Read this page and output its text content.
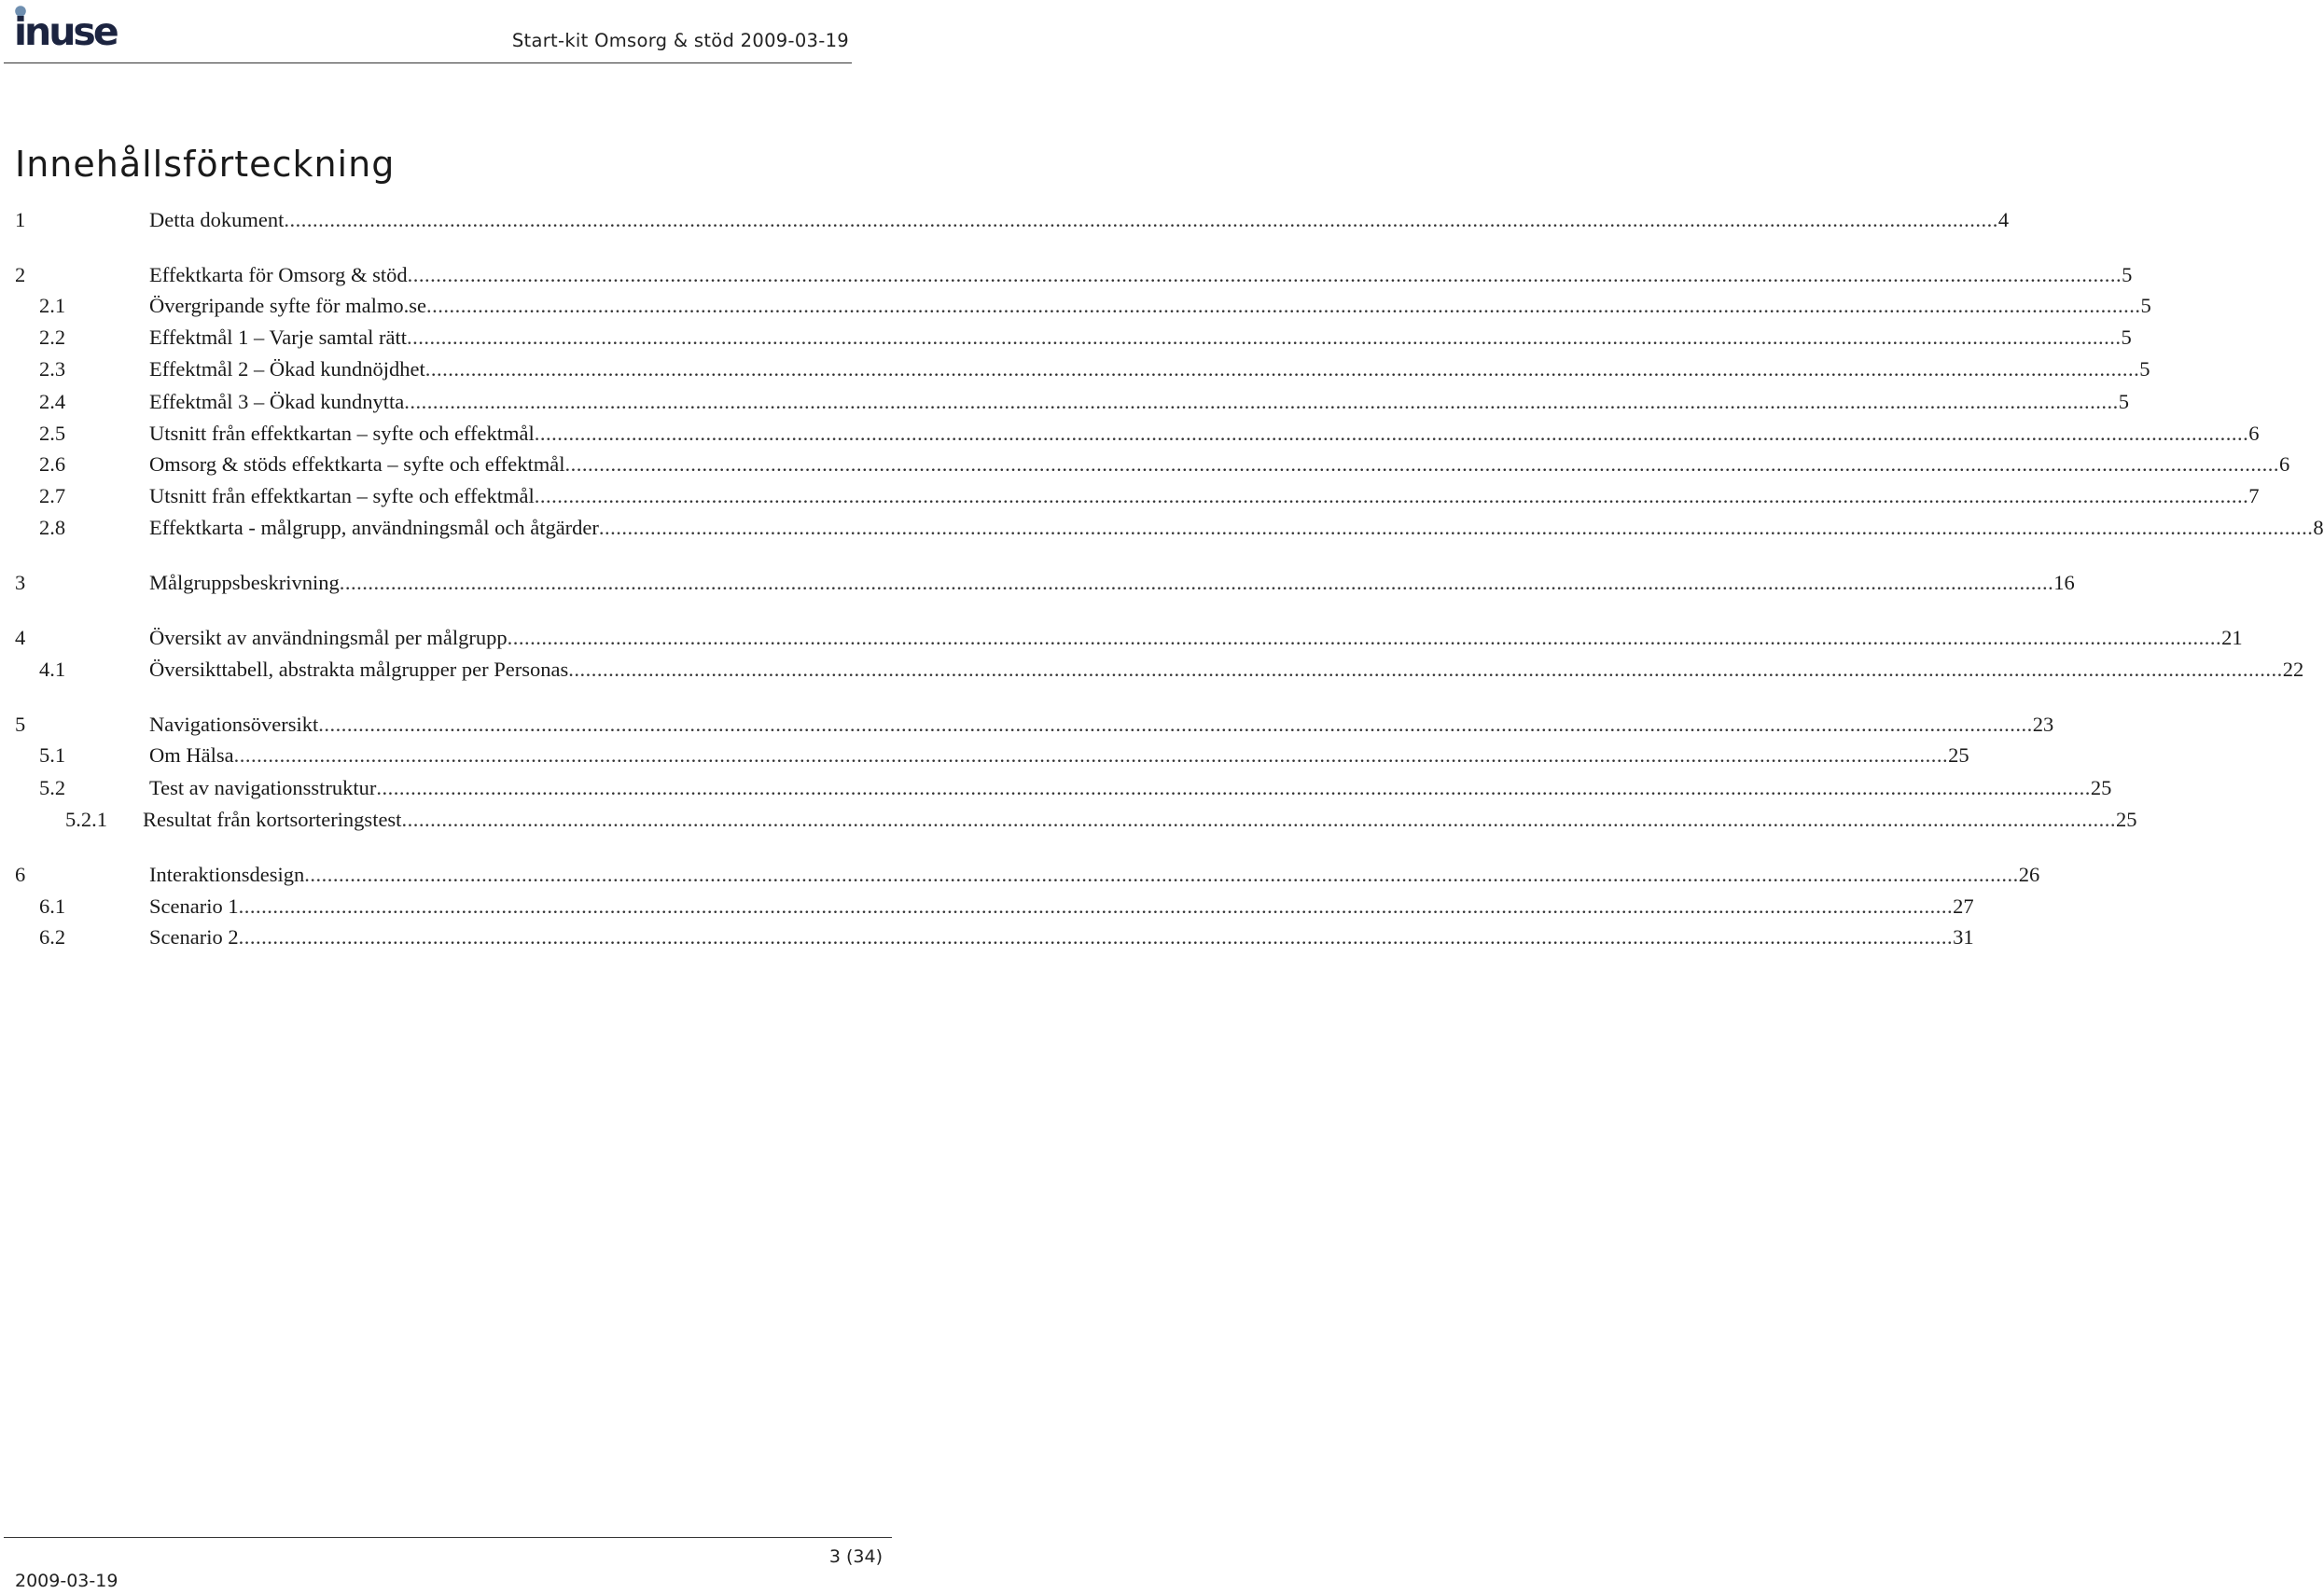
inuse	Start-kit Omsorg & stöd 2009-03-19
Innehållsförteckning
1	Detta dokument ............................................................................................................................................................................................................................................................................................................ 4
2	Effektkarta för Omsorg & stöd ............................................................................................................................................................................................................................................................................................................ 5
2.1	Övergripande syfte för malmo.se ............................................................................................................................................................................................................................................................................................................ 5
2.2	Effektmål 1 – Varje samtal rätt ............................................................................................................................................................................................................................................................................................................ 5
2.3	Effektmål 2 – Ökad kundnöjdhet ............................................................................................................................................................................................................................................................................................................ 5
2.4	Effektmål 3 – Ökad kundnytta ............................................................................................................................................................................................................................................................................................................ 5
2.5	Utsnitt från effektkartan – syfte och effektmål ............................................................................................................................................................................................................................................................................................................ 6
2.6	Omsorg & stöds effektkarta – syfte och effektmål ............................................................................................................................................................................................................................................................................................................ 6
2.7	Utsnitt från effektkartan – syfte och effektmål ............................................................................................................................................................................................................................................................................................................ 7
2.8	Effektkarta - målgrupp, användningsmål och åtgärder ............................................................................................................................................................................................................................................................................................................ 8
3	Målgruppsbeskrivning ............................................................................................................................................................................................................................................................................................................ 16
4	Översikt av användningsmål per målgrupp ............................................................................................................................................................................................................................................................................................................ 21
4.1	Översikttabell, abstrakta målgrupper per Personas ............................................................................................................................................................................................................................................................................................................ 22
5	Navigationsöversikt ............................................................................................................................................................................................................................................................................................................ 23
5.1	Om Hälsa ............................................................................................................................................................................................................................................................................................................ 25
5.2	Test av navigationsstruktur ............................................................................................................................................................................................................................................................................................................ 25
5.2.1 Resultat från kortsorteringstest ............................................................................................................................................................................................................................................................................................................ 25
6	Interaktionsdesign ............................................................................................................................................................................................................................................................................................................ 26
6.1	Scenario 1 ............................................................................................................................................................................................................................................................................................................ 27
6.2	Scenario 2 ............................................................................................................................................................................................................................................................................................................ 31
3 (34)
2009-03-19
